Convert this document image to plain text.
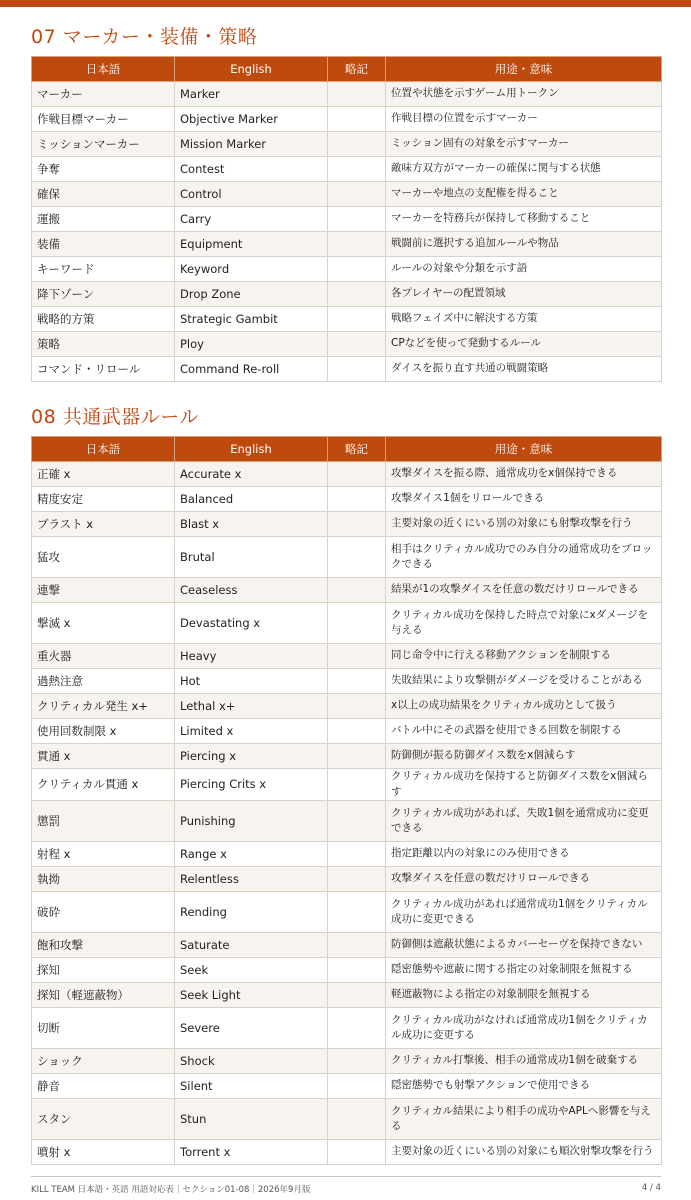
07 マーカー・装備・策略
日本語	English	略記	用途・意味
マーカー	Marker		位置や状態を示すゲーム用トークン
作戦目標マーカー	Objective Marker		作戦目標の位置を示すマーカー
ミッションマーカー	Mission Marker		ミッション固有の対象を示すマーカー
争奪	Contest		敵味方双方がマーカーの確保に関与する状態
確保	Control		マーカーや地点の支配権を得ること
運搬	Carry		マーカーを特務兵が保持して移動すること
装備	Equipment		戦闘前に選択する追加ルールや物品
キーワード	Keyword		ルールの対象や分類を示す語
降下ゾーン	Drop Zone		各プレイヤーの配置領域
戦略的方策	Strategic Gambit		戦略フェイズ中に解決する方策
策略	Ploy		CPなどを使って発動するルール
コマンド・リロール	Command Re-roll		ダイスを振り直す共通の戦闘策略
08 共通武器ルール
日本語	English	略記	用途・意味
正確 x	Accurate x		攻撃ダイスを振る際、通常成功をx個保持できる
精度安定	Balanced		攻撃ダイス1個をリロールできる
ブラスト x	Blast x		主要対象の近くにいる別の対象にも射撃攻撃を行う
猛攻	Brutal		相手はクリティカル成功でのみ自分の通常成功をブロックできる
連撃	Ceaseless		結果が1の攻撃ダイスを任意の数だけリロールできる
撃滅 x	Devastating x		クリティカル成功を保持した時点で対象にxダメージを与える
重火器	Heavy		同じ命令中に行える移動アクションを制限する
過熱注意	Hot		失敗結果により攻撃側がダメージを受けることがある
クリティカル発生 x+	Lethal x+		x以上の成功結果をクリティカル成功として扱う
使用回数制限 x	Limited x		バトル中にその武器を使用できる回数を制限する
貫通 x	Piercing x		防御側が振る防御ダイス数をx個減らす
クリティカル貫通 x	Piercing Crits x		クリティカル成功を保持すると防御ダイス数をx個減らす
懲罰	Punishing		クリティカル成功があれば、失敗1個を通常成功に変更できる
射程 x	Range x		指定距離以内の対象にのみ使用できる
執拗	Relentless		攻撃ダイスを任意の数だけリロールできる
破砕	Rending		クリティカル成功があれば通常成功1個をクリティカル成功に変更できる
飽和攻撃	Saturate		防御側は遮蔽状態によるカバーセーヴを保持できない
探知	Seek		隠密態勢や遮蔽に関する指定の対象制限を無視する
探知（軽遮蔽物）	Seek Light		軽遮蔽物による指定の対象制限を無視する
切断	Severe		クリティカル成功がなければ通常成功1個をクリティカル成功に変更する
ショック	Shock		クリティカル打撃後、相手の通常成功1個を破棄する
静音	Silent		隠密態勢でも射撃アクションで使用できる
スタン	Stun		クリティカル結果により相手の成功やAPLへ影響を与える
噴射 x	Torrent x		主要対象の近くにいる別の対象にも順次射撃攻撃を行う
KILL TEAM 日本語・英語 用語対応表｜セクション01-08｜2026年9月版	4 / 4
